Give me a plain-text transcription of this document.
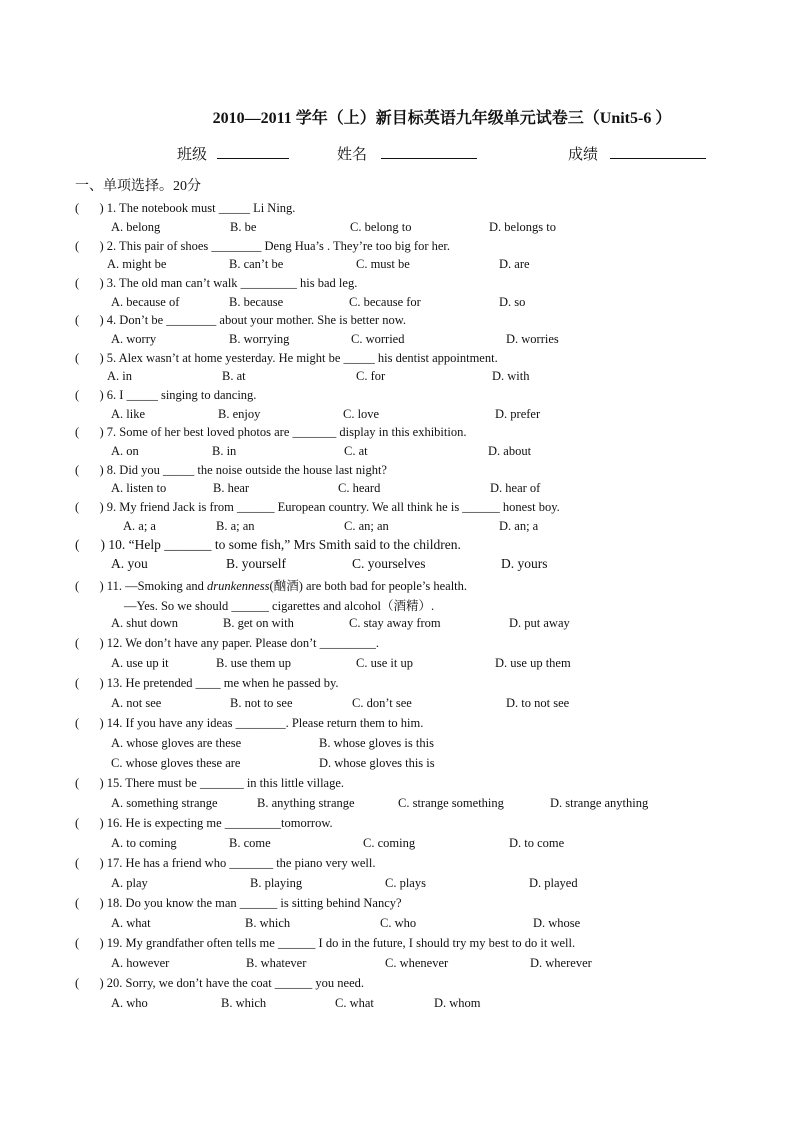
2010—2011 学年（上）新目标英语九年级单元试卷三（Unit5-6 ）
班级	姓名	成绩
一、单项选择。20分
( ) 1. The notebook must _____ Li Ning.
A. belong	B. be	C. belong to	D. belongs to
( ) 2. This pair of shoes ________ Deng Hua’s . They’re too big for her.
A. might be	B. can’t be	C. must be	D. are
( ) 3. The old man can’t walk _________ his bad leg.
A. because of	B. because	C. because for	D. so
( ) 4. Don’t be ________ about your mother. She is better now.
A. worry	B. worrying	C. worried	D. worries
( ) 5. Alex wasn’t at home yesterday. He might be _____ his dentist appointment.
A. in	B. at	C. for	D. with
( ) 6. I _____ singing to dancing.
A. like	B. enjoy	C. love	D. prefer
( ) 7. Some of her best loved photos are _______ display in this exhibition.
A. on	B. in	C. at	D. about
( ) 8. Did you _____ the noise outside the house last night?
A. listen to	B. hear	C. heard	D. hear of
( ) 9. My friend Jack is from ______ European country. We all think he is ______ honest boy.
A. a; a	B. a; an	C. an; an	D. an; a
( ) 10. “Help _______ to some fish,” Mrs Smith said to the children.
A. you	B. yourself	C. yourselves	D. yours
( ) 11. —Smoking and drunkenness(酗酒) are both bad for people’s health.
—Yes. So we should ______ cigarettes and alcohol（酒精）.
A. shut down	B. get on with	C. stay away from	D. put away
( ) 12. We don’t have any paper. Please don’t _________.
A. use up it	B. use them up	C. use it up	D. use up them
( ) 13. He pretended ____ me when he passed by.
A. not see	B. not to see	C. don’t see	D. to not see
( ) 14. If you have any ideas ________. Please return them to him.
A. whose gloves are these	B. whose gloves is this
C. whose gloves these are	D. whose gloves this is
( ) 15. There must be _______ in this little village.
A. something strange	B. anything strange	C. strange something	D. strange anything
( ) 16. He is expecting me _________tomorrow.
A. to coming	B. come	C. coming	D. to come
( ) 17. He has a friend who _______ the piano very well.
A. play	B. playing	C. plays	D. played
( ) 18. Do you know the man ______ is sitting behind Nancy?
A. what	B. which	C. who	D. whose
( ) 19. My grandfather often tells me ______ I do in the future, I should try my best to do it well.
A. however	B. whatever	C. whenever	D. wherever
( ) 20. Sorry, we don’t have the coat ______ you need.
A. who	B. which	C. what	D. whom
